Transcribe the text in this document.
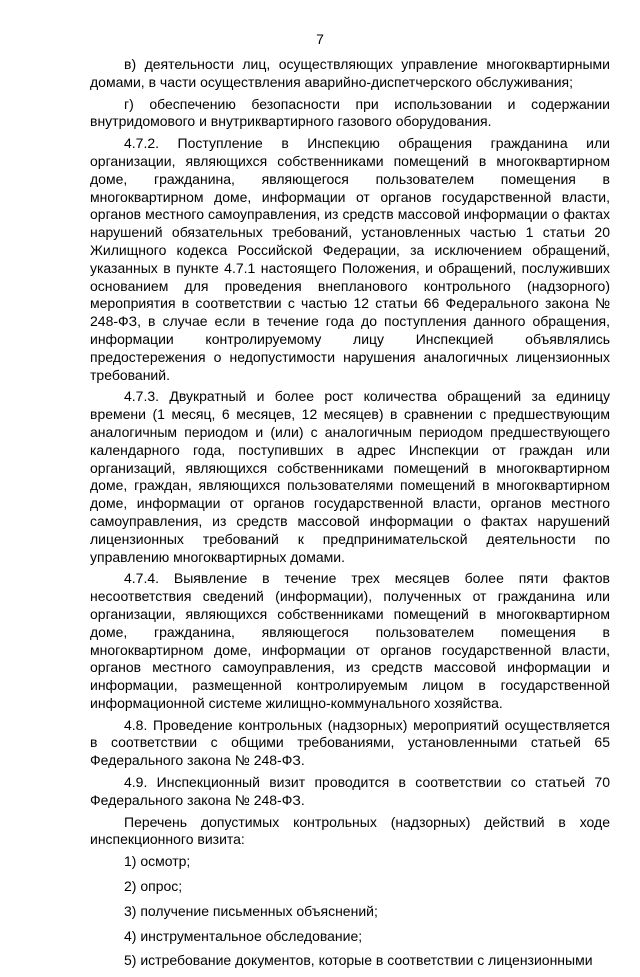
7

в) деятельности лиц, осуществляющих управление многоквартирными домами, в части осуществления аварийно-диспетчерского обслуживания;

г) обеспечению безопасности при использовании и содержании внутридомового и внутриквартирного газового оборудования.

4.7.2. Поступление в Инспекцию обращения гражданина или организации, являющихся собственниками помещений в многоквартирном доме, гражданина, являющегося пользователем помещения в многоквартирном доме, информации от органов государственной власти, органов местного самоуправления, из средств массовой информации о фактах нарушений обязательных требований, установленных частью 1 статьи 20 Жилищного кодекса Российской Федерации, за исключением обращений, указанных в пункте 4.7.1 настоящего Положения, и обращений, послуживших основанием для проведения внепланового контрольного (надзорного) мероприятия в соответствии с частью 12 статьи 66 Федерального закона № 248-ФЗ, в случае если в течение года до поступления данного обращения, информации контролируемому лицу Инспекцией объявлялись предостережения о недопустимости нарушения аналогичных лицензионных требований.

4.7.3. Двукратный и более рост количества обращений за единицу времени (1 месяц, 6 месяцев, 12 месяцев) в сравнении с предшествующим аналогичным периодом и (или) с аналогичным периодом предшествующего календарного года, поступивших в адрес Инспекции от граждан или организаций, являющихся собственниками помещений в многоквартирном доме, граждан, являющихся пользователями помещений в многоквартирном доме, информации от органов государственной власти, органов местного самоуправления, из средств массовой информации о фактах нарушений лицензионных требований к предпринимательской деятельности по управлению многоквартирных домами.

4.7.4. Выявление в течение трех месяцев более пяти фактов несоответствия сведений (информации), полученных от гражданина или организации, являющихся собственниками помещений в многоквартирном доме, гражданина, являющегося пользователем помещения в многоквартирном доме, информации от органов государственной власти, органов местного самоуправления, из средств массовой информации и информации, размещенной контролируемым лицом в государственной информационной системе жилищно-коммунального хозяйства.

4.8. Проведение контрольных (надзорных) мероприятий осуществляется в соответствии с общими требованиями, установленными статьей 65 Федерального закона № 248-ФЗ.

4.9. Инспекционный визит проводится в соответствии со статьей 70 Федерального закона № 248-ФЗ.

Перечень допустимых контрольных (надзорных) действий в ходе инспекционного визита:

1) осмотр;

2) опрос;

3) получение письменных объяснений;

4) инструментальное обследование;

5) истребование документов, которые в соответствии с лицензионными
